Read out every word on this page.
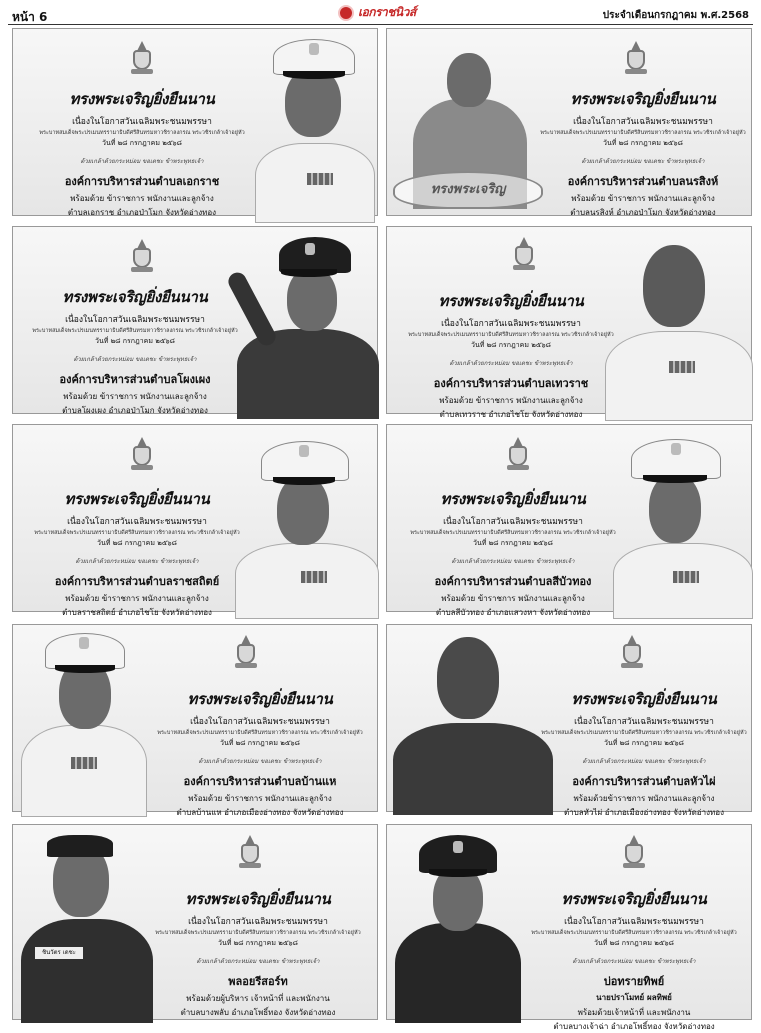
หน้า 6	เอกราชนิวส์	ประจำเดือนกรกฎาคม พ.ศ.2568
ทรงพระเจริญยิ่งยืนนาน
เนื่องในโอกาสวันเฉลิมพระชนมพรรษา
พระบาทสมเด็จพระปรเมนทรรามาธิบดีศรีสินทรมหาวชิราลงกรณ พระวชิรเกล้าเจ้าอยู่หัว
วันที่ ๒๘ กรกฎาคม ๒๕๖๘
ด้วยเกล้าด้วยกระหม่อม ขอเดชะ ข้าพระพุทธเจ้า
องค์การบริหารส่วนตำบลเอกราช
พร้อมด้วย ข้าราชการ พนักงานและลูกจ้าง
ตำบลเอกราช อำเภอป่าโมก จังหวัดอ่างทอง
ทรงพระเจริญ
ทรงพระเจริญยิ่งยืนนาน
เนื่องในโอกาสวันเฉลิมพระชนมพรรษา
พระบาทสมเด็จพระปรเมนทรรามาธิบดีศรีสินทรมหาวชิราลงกรณ พระวชิรเกล้าเจ้าอยู่หัว
วันที่ ๒๘ กรกฎาคม ๒๕๖๘
ด้วยเกล้าด้วยกระหม่อม ขอเดชะ ข้าพระพุทธเจ้า
องค์การบริหารส่วนตำบลนรสิงห์
พร้อมด้วย ข้าราชการ พนักงานและลูกจ้าง
ตำบลนรสิงห์ อำเภอป่าโมก จังหวัดอ่างทอง
ทรงพระเจริญยิ่งยืนนาน
เนื่องในโอกาสวันเฉลิมพระชนมพรรษา
พระบาทสมเด็จพระปรเมนทรรามาธิบดีศรีสินทรมหาวชิราลงกรณ พระวชิรเกล้าเจ้าอยู่หัว
วันที่ ๒๘ กรกฎาคม ๒๕๖๘
ด้วยเกล้าด้วยกระหม่อม ขอเดชะ ข้าพระพุทธเจ้า
องค์การบริหารส่วนตำบลโผงเผง
พร้อมด้วย ข้าราชการ พนักงานและลูกจ้าง
ตำบลโผงเผง อำเภอป่าโมก จังหวัดอ่างทอง
ทรงพระเจริญยิ่งยืนนาน
เนื่องในโอกาสวันเฉลิมพระชนมพรรษา
พระบาทสมเด็จพระปรเมนทรรามาธิบดีศรีสินทรมหาวชิราลงกรณ พระวชิรเกล้าเจ้าอยู่หัว
วันที่ ๒๘ กรกฎาคม ๒๕๖๘
ด้วยเกล้าด้วยกระหม่อม ขอเดชะ ข้าพระพุทธเจ้า
องค์การบริหารส่วนตำบลเทวราช
พร้อมด้วย ข้าราชการ พนักงานและลูกจ้าง
ตำบลเทวราช อำเภอไชโย จังหวัดอ่างทอง
ทรงพระเจริญยิ่งยืนนาน
เนื่องในโอกาสวันเฉลิมพระชนมพรรษา
พระบาทสมเด็จพระปรเมนทรรามาธิบดีศรีสินทรมหาวชิราลงกรณ พระวชิรเกล้าเจ้าอยู่หัว
วันที่ ๒๘ กรกฎาคม ๒๕๖๘
ด้วยเกล้าด้วยกระหม่อม ขอเดชะ ข้าพระพุทธเจ้า
องค์การบริหารส่วนตำบลราชสถิตย์
พร้อมด้วย ข้าราชการ พนักงานและลูกจ้าง
ตำบลราชสถิตย์ อำเภอไชโย จังหวัดอ่างทอง
ทรงพระเจริญยิ่งยืนนาน
เนื่องในโอกาสวันเฉลิมพระชนมพรรษา
พระบาทสมเด็จพระปรเมนทรรามาธิบดีศรีสินทรมหาวชิราลงกรณ พระวชิรเกล้าเจ้าอยู่หัว
วันที่ ๒๘ กรกฎาคม ๒๕๖๘
ด้วยเกล้าด้วยกระหม่อม ขอเดชะ ข้าพระพุทธเจ้า
องค์การบริหารส่วนตำบลสีบัวทอง
พร้อมด้วย ข้าราชการ พนักงานและลูกจ้าง
ตำบลสีบัวทอง อำเภอแสวงหา จังหวัดอ่างทอง
ทรงพระเจริญยิ่งยืนนาน
เนื่องในโอกาสวันเฉลิมพระชนมพรรษา
พระบาทสมเด็จพระปรเมนทรรามาธิบดีศรีสินทรมหาวชิราลงกรณ พระวชิรเกล้าเจ้าอยู่หัว
วันที่ ๒๘ กรกฎาคม ๒๕๖๘
ด้วยเกล้าด้วยกระหม่อม ขอเดชะ ข้าพระพุทธเจ้า
องค์การบริหารส่วนตำบลบ้านแห
พร้อมด้วย ข้าราชการ พนักงานและลูกจ้าง
ตำบลบ้านแห อำเภอเมืองอ่างทอง จังหวัดอ่างทอง
ทรงพระเจริญยิ่งยืนนาน
เนื่องในโอกาสวันเฉลิมพระชนมพรรษา
พระบาทสมเด็จพระปรเมนทรรามาธิบดีศรีสินทรมหาวชิราลงกรณ พระวชิรเกล้าเจ้าอยู่หัว
วันที่ ๒๘ กรกฎาคม ๒๕๖๘
ด้วยเกล้าด้วยกระหม่อม ขอเดชะ ข้าพระพุทธเจ้า
องค์การบริหารส่วนตำบลหัวไผ่
พร้อมด้วยข้าราชการ พนักงานและลูกจ้าง
ตำบลหัวไผ่ อำเภอเมืองอ่างทอง จังหวัดอ่างทอง
ชินวัตร เดชะ
ทรงพระเจริญยิ่งยืนนาน
เนื่องในโอกาสวันเฉลิมพระชนมพรรษา
พระบาทสมเด็จพระปรเมนทรรามาธิบดีศรีสินทรมหาวชิราลงกรณ พระวชิรเกล้าเจ้าอยู่หัว
วันที่ ๒๘ กรกฎาคม ๒๕๖๘
ด้วยเกล้าด้วยกระหม่อม ขอเดชะ ข้าพระพุทธเจ้า
พลอยรีสอร์ท
พร้อมด้วยผู้บริหาร เจ้าหน้าที่ และพนักงาน
ตำบลบางพลับ อำเภอโพธิ์ทอง จังหวัดอ่างทอง
ทรงพระเจริญยิ่งยืนนาน
เนื่องในโอกาสวันเฉลิมพระชนมพรรษา
พระบาทสมเด็จพระปรเมนทรรามาธิบดีศรีสินทรมหาวชิราลงกรณ พระวชิรเกล้าเจ้าอยู่หัว
วันที่ ๒๘ กรกฎาคม ๒๕๖๘
ด้วยเกล้าด้วยกระหม่อม ขอเดชะ ข้าพระพุทธเจ้า
บ่อทรายทิพย์
นายปราโมทย์ ผลทิพย์
พร้อมด้วยเจ้าหน้าที่ และพนักงาน
ตำบลบางเจ้าฉ่า อำเภอโพธิ์ทอง จังหวัดอ่างทอง
